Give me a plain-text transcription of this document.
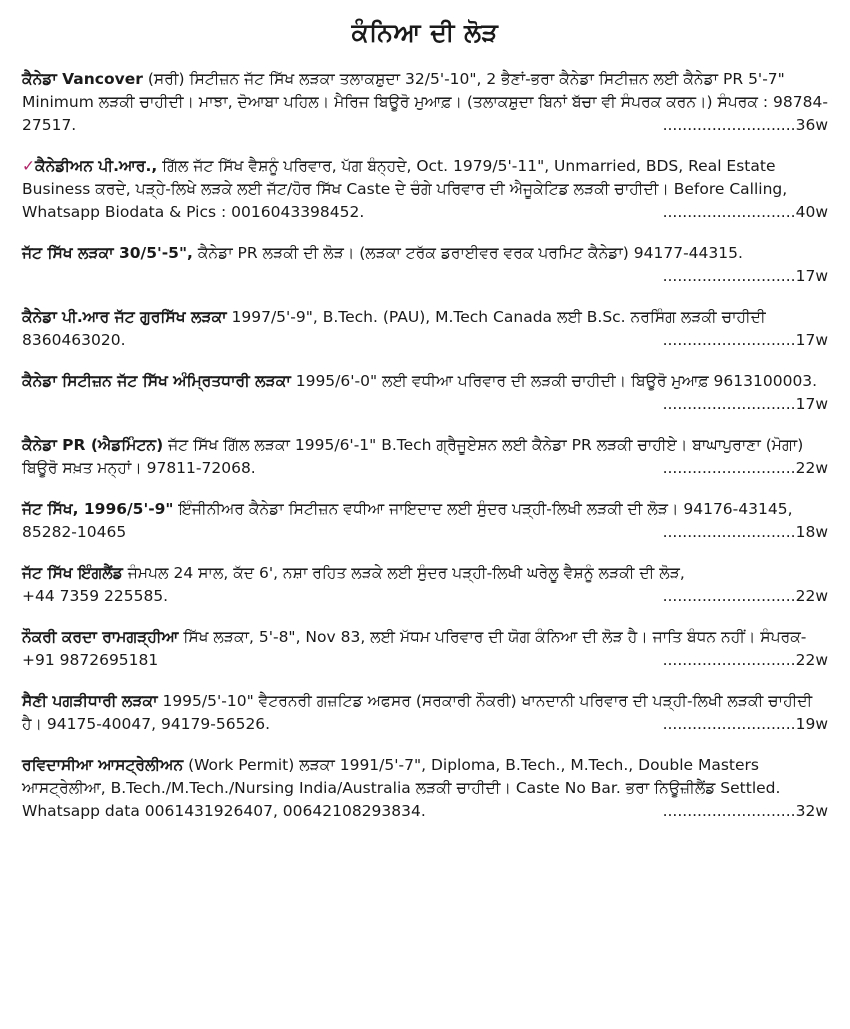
ਕੰਨਿਆ ਦੀ ਲੋੜ
ਕੈਨੇਡਾ Vancover (ਸਰੀ) ਸਿਟੀਜ਼ਨ ਜੱਟ ਸਿੱਖ ਲੜਕਾ ਤਲਾਕਸ਼ੁਦਾ 32/5'-10", 2 ਭੈਣਾਂ-ਭਰਾ ਕੈਨੇਡਾ ਸਿਟੀਜ਼ਨ ਲਈ ਕੈਨੇਡਾ PR 5'-7" Minimum ਲੜਕੀ ਚਾਹੀਦੀ। ਮਾਝਾ, ਦੋਆਬਾ ਪਹਿਲ। ਮੈਰਿਜ ਬਿਊਰੋ ਮੁਆਫ਼। (ਤਲਾਕਸ਼ੁਦਾ ਬਿਨਾਂ ਬੱਚਾ ਵੀ ਸੰਪਰਕ ਕਰਨ।) ਸੰਪਰਕ : 98784-
27517.	...........................36w
✓ਕੈਨੇਡੀਅਨ ਪੀ.ਆਰ., ਗਿੱਲ ਜੱਟ ਸਿੱਖ ਵੈਸ਼ਨੂੰ ਪਰਿਵਾਰ, ਪੱਗ ਬੰਨ੍ਹਦੇ, Oct. 1979/5'-11", Unmarried, BDS, Real Estate Business ਕਰਦੇ, ਪੜ੍ਹੇ-ਲਿਖੇ ਲੜਕੇ ਲਈ ਜੱਟ/ਹੋਰ ਸਿੱਖ Caste ਦੇ ਚੰਗੇ ਪਰਿਵਾਰ ਦੀ ਐਜੂਕੇਟਿਡ ਲੜਕੀ ਚਾਹੀਦੀ। Before Calling,
Whatsapp Biodata & Pics : 0016043398452.	...........................40w
ਜੱਟ ਸਿੱਖ ਲੜਕਾ 30/5'-5", ਕੈਨੇਡਾ PR ਲੜਕੀ ਦੀ ਲੋੜ। (ਲੜਕਾ ਟਰੱਕ ਡਰਾਈਵਰ ਵਰਕ ਪਰਮਿਟ ਕੈਨੇਡਾ) 94177-44315.
...........................17w
ਕੈਨੇਡਾ ਪੀ.ਆਰ ਜੱਟ ਗੁਰਸਿੱਖ ਲੜਕਾ 1997/5'-9", B.Tech. (PAU), M.Tech Canada ਲਈ B.Sc. ਨਰਸਿੰਗ ਲੜਕੀ ਚਾਹੀਦੀ
8360463020.	...........................17w
ਕੈਨੇਡਾ ਸਿਟੀਜ਼ਨ ਜੱਟ ਸਿੱਖ ਅੰਮ੍ਰਿਤਧਾਰੀ ਲੜਕਾ 1995/6'-0" ਲਈ ਵਧੀਆ ਪਰਿਵਾਰ ਦੀ ਲੜਕੀ ਚਾਹੀਦੀ। ਬਿਊਰੋ ਮੁਆਫ਼ 9613100003.
...........................17w
ਕੈਨੇਡਾ PR (ਐਡਮਿੰਟਨ) ਜੱਟ ਸਿੱਖ ਗਿੱਲ ਲੜਕਾ 1995/6'-1" B.Tech ਗ੍ਰੈਜੂਏਸ਼ਨ ਲਈ ਕੈਨੇਡਾ PR ਲੜਕੀ ਚਾਹੀਏ। ਬਾਘਾਪੁਰਾਣਾ (ਮੋਗਾ)
ਬਿਊਰੋ ਸਖ਼ਤ ਮਨ੍ਹਾਂ। 97811-72068.	...........................22w
ਜੱਟ ਸਿੱਖ, 1996/5'-9" ਇੰਜੀਨੀਅਰ ਕੈਨੇਡਾ ਸਿਟੀਜ਼ਨ ਵਧੀਆ ਜਾਇਦਾਦ ਲਈ ਸੁੰਦਰ ਪੜ੍ਹੀ-ਲਿਖੀ ਲੜਕੀ ਦੀ ਲੋੜ। 94176-43145,
85282-10465	...........................18w
ਜੱਟ ਸਿੱਖ ਇੰਗਲੈਂਡ ਜੰਮਪਲ 24 ਸਾਲ, ਕੱਦ 6', ਨਸ਼ਾ ਰਹਿਤ ਲੜਕੇ ਲਈ ਸੁੰਦਰ ਪੜ੍ਹੀ-ਲਿਖੀ ਘਰੇਲੂ ਵੈਸ਼ਨੂੰ ਲੜਕੀ ਦੀ ਲੋੜ,
+44 7359 225585.	...........................22w
ਨੌਕਰੀ ਕਰਦਾ ਰਾਮਗੜ੍ਹੀਆ ਸਿੱਖ ਲੜਕਾ, 5'-8", Nov 83, ਲਈ ਮੱਧਮ ਪਰਿਵਾਰ ਦੀ ਯੋਗ ਕੰਨਿਆ ਦੀ ਲੋੜ ਹੈ। ਜਾਤਿ ਬੰਧਨ ਨਹੀਂ। ਸੰਪਰਕ-
+91 9872695181	...........................22w
ਸੈਣੀ ਪਗੜੀਧਾਰੀ ਲੜਕਾ 1995/5'-10" ਵੈਟਰਨਰੀ ਗਜ਼ਟਿਡ ਅਫਸਰ (ਸਰਕਾਰੀ ਨੌਕਰੀ) ਖਾਨਦਾਨੀ ਪਰਿਵਾਰ ਦੀ ਪੜ੍ਹੀ-ਲਿਖੀ ਲੜਕੀ ਚਾਹੀਦੀ
ਹੈ। 94175-40047, 94179-56526.	...........................19w
ਰਵਿਦਾਸੀਆ ਆਸਟ੍ਰੇਲੀਅਨ (Work Permit) ਲੜਕਾ 1991/5'-7", Diploma, B.Tech., M.Tech., Double Masters ਆਸਟ੍ਰੇਲੀਆ, B.Tech./M.Tech./Nursing India/Australia ਲੜਕੀ ਚਾਹੀਦੀ। Caste No Bar. ਭਰਾ ਨਿਊਜ਼ੀਲੈਂਡ Settled.
Whatsapp data 0061431926407, 00642108293834.	...........................32w
